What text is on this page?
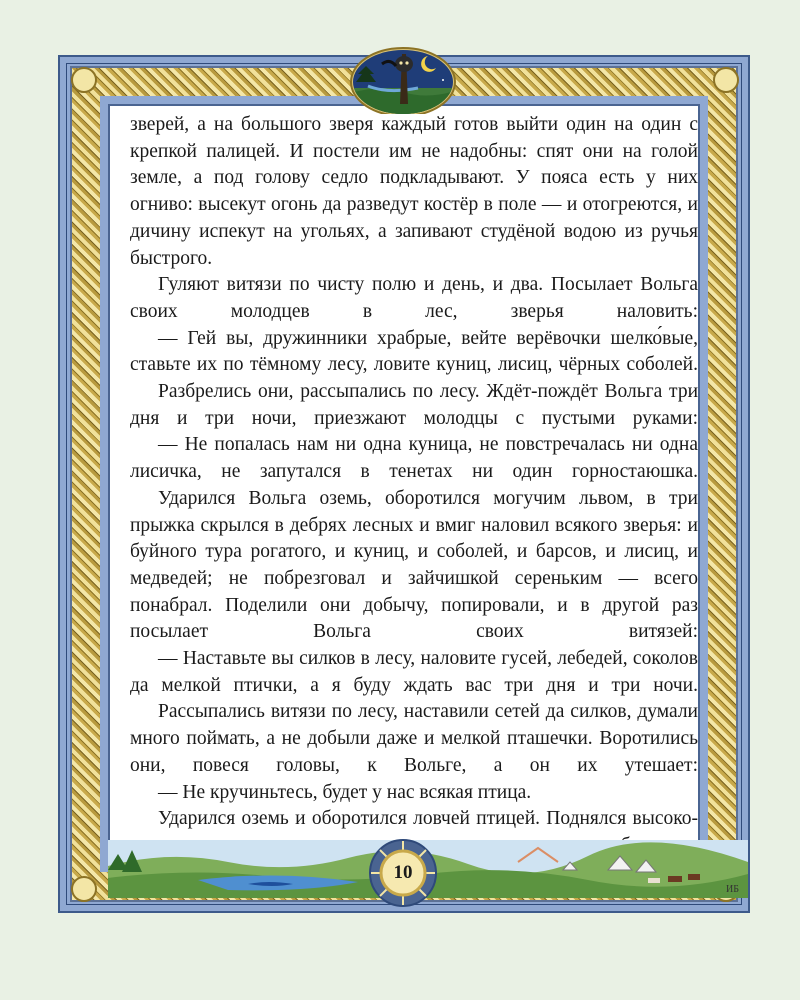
зверей, а на большого зверя каждый готов выйти один на один с крепкой палицей. И постели им не надобны: спят они на голой земле, а под голову седло подкладывают. У пояса есть у них огниво: высекут огонь да разведут костёр в поле — и отогреются, и дичину испекут на угольях, а запивают студёной водою из ручья быстрого.

Гуляют витязи по чисту полю и день, и два. Посылает Вольга своих молодцев в лес, зверья наловить:

— Гей вы, дружинники храбрые, вейте верёвочки шелко́вые, ставьте их по тёмному лесу, ловите куниц, лисиц, чёрных соболей.

Разбрелись они, рассыпались по лесу. Ждёт-пождёт Вольга три дня и три ночи, приезжают молодцы с пустыми руками:

— Не попалась нам ни одна куница, не повстречалась ни одна лисичка, не запутался в тенетах ни один горностаюшка.

Ударился Вольга оземь, оборотился могучим львом, в три прыжка скрылся в дебрях лесных и вмиг наловил всякого зверья: и буйного тура рогатого, и куниц, и соболей, и барсов, и лисиц, и медведей; не побрезговал и зайчишкой сереньким — всего понабрал. Поделили они добычу, попировали, и в другой раз посылает Вольга своих витязей:

— Наставьте вы силков в лесу, наловите гусей, лебедей, соколов да мелкой птички, а я буду ждать вас три дня и три ночи.

Рассыпались витязи по лесу, наставили сетей да силков, думали много поймать, а не добыли даже и мелкой пташечки. Воротились они, повеся головы, к Вольге, а он их утешает:

— Не кручиньтесь, будет у нас всякая птица.

Ударился оземь и оборотился ловчей птицей. Поднялся высоко-

ИБ
10
